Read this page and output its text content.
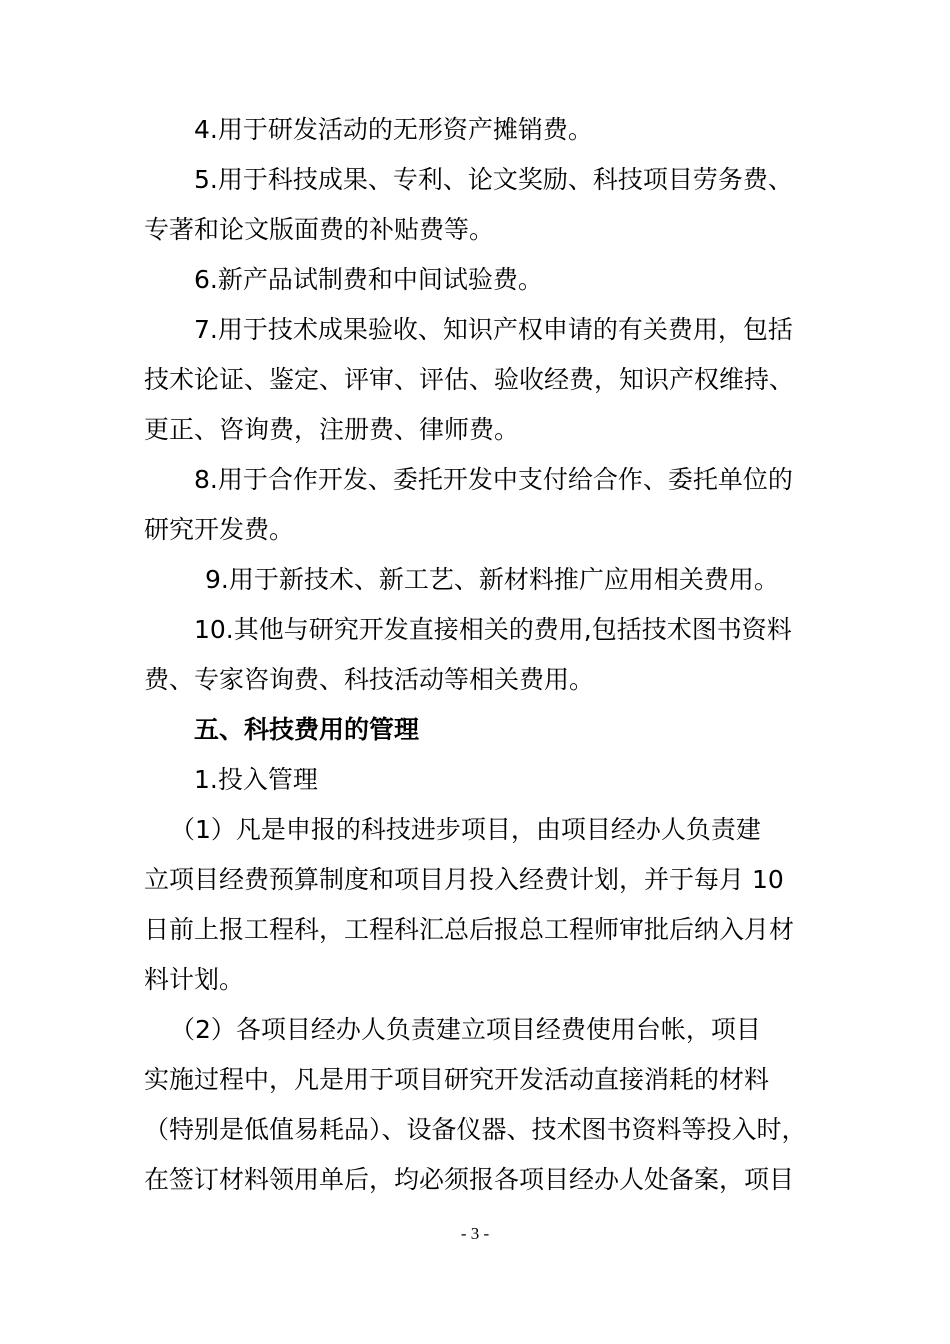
4.用于研发活动的无形资产摊销费。
5.用于科技成果、专利、论文奖励、科技项目劳务费、
专著和论文版面费的补贴费等。
6.新产品试制费和中间试验费。
7.用于技术成果验收、知识产权申请的有关费用，包括
技术论证、鉴定、评审、评估、验收经费，知识产权维持、
更正、咨询费，注册费、律师费。
8.用于合作开发、委托开发中支付给合作、委托单位的
研究开发费。
9.用于新技术、新工艺、新材料推广应用相关费用。
10.其他与研究开发直接相关的费用,包括技术图书资料
费、专家咨询费、科技活动等相关费用。
五、科技费用的管理
1.投入管理
（1）凡是申报的科技进步项目，由项目经办人负责建
立项目经费预算制度和项目月投入经费计划，并于每月 10
日前上报工程科，工程科汇总后报总工程师审批后纳入月材
料计划。
（2）各项目经办人负责建立项目经费使用台帐，项目
实施过程中，凡是用于项目研究开发活动直接消耗的材料
（特别是低值易耗品）、设备仪器、技术图书资料等投入时，
在签订材料领用单后，均必须报各项目经办人处备案，项目
- 3 -
